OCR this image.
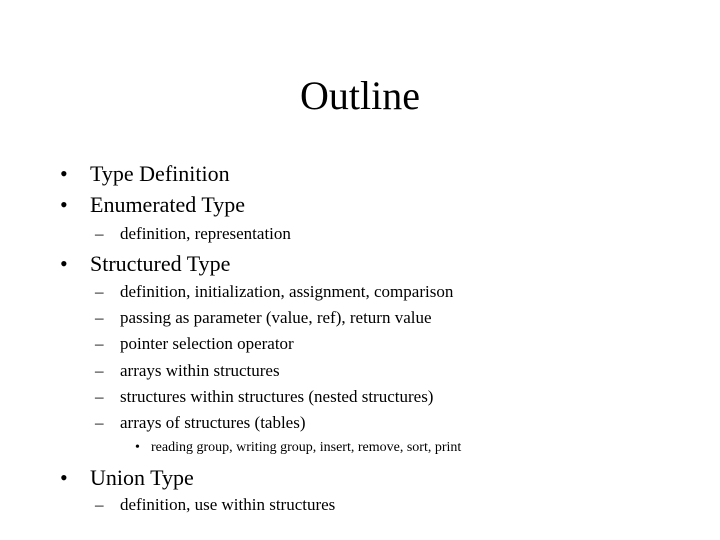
Outline
• Type Definition
• Enumerated Type
– definition, representation
• Structured Type
– definition, initialization, assignment, comparison
– passing as parameter (value, ref), return value
– pointer selection operator
– arrays within structures
– structures within structures (nested structures)
– arrays of structures (tables)
• reading group, writing group, insert, remove, sort, print
• Union Type
– definition, use within structures
